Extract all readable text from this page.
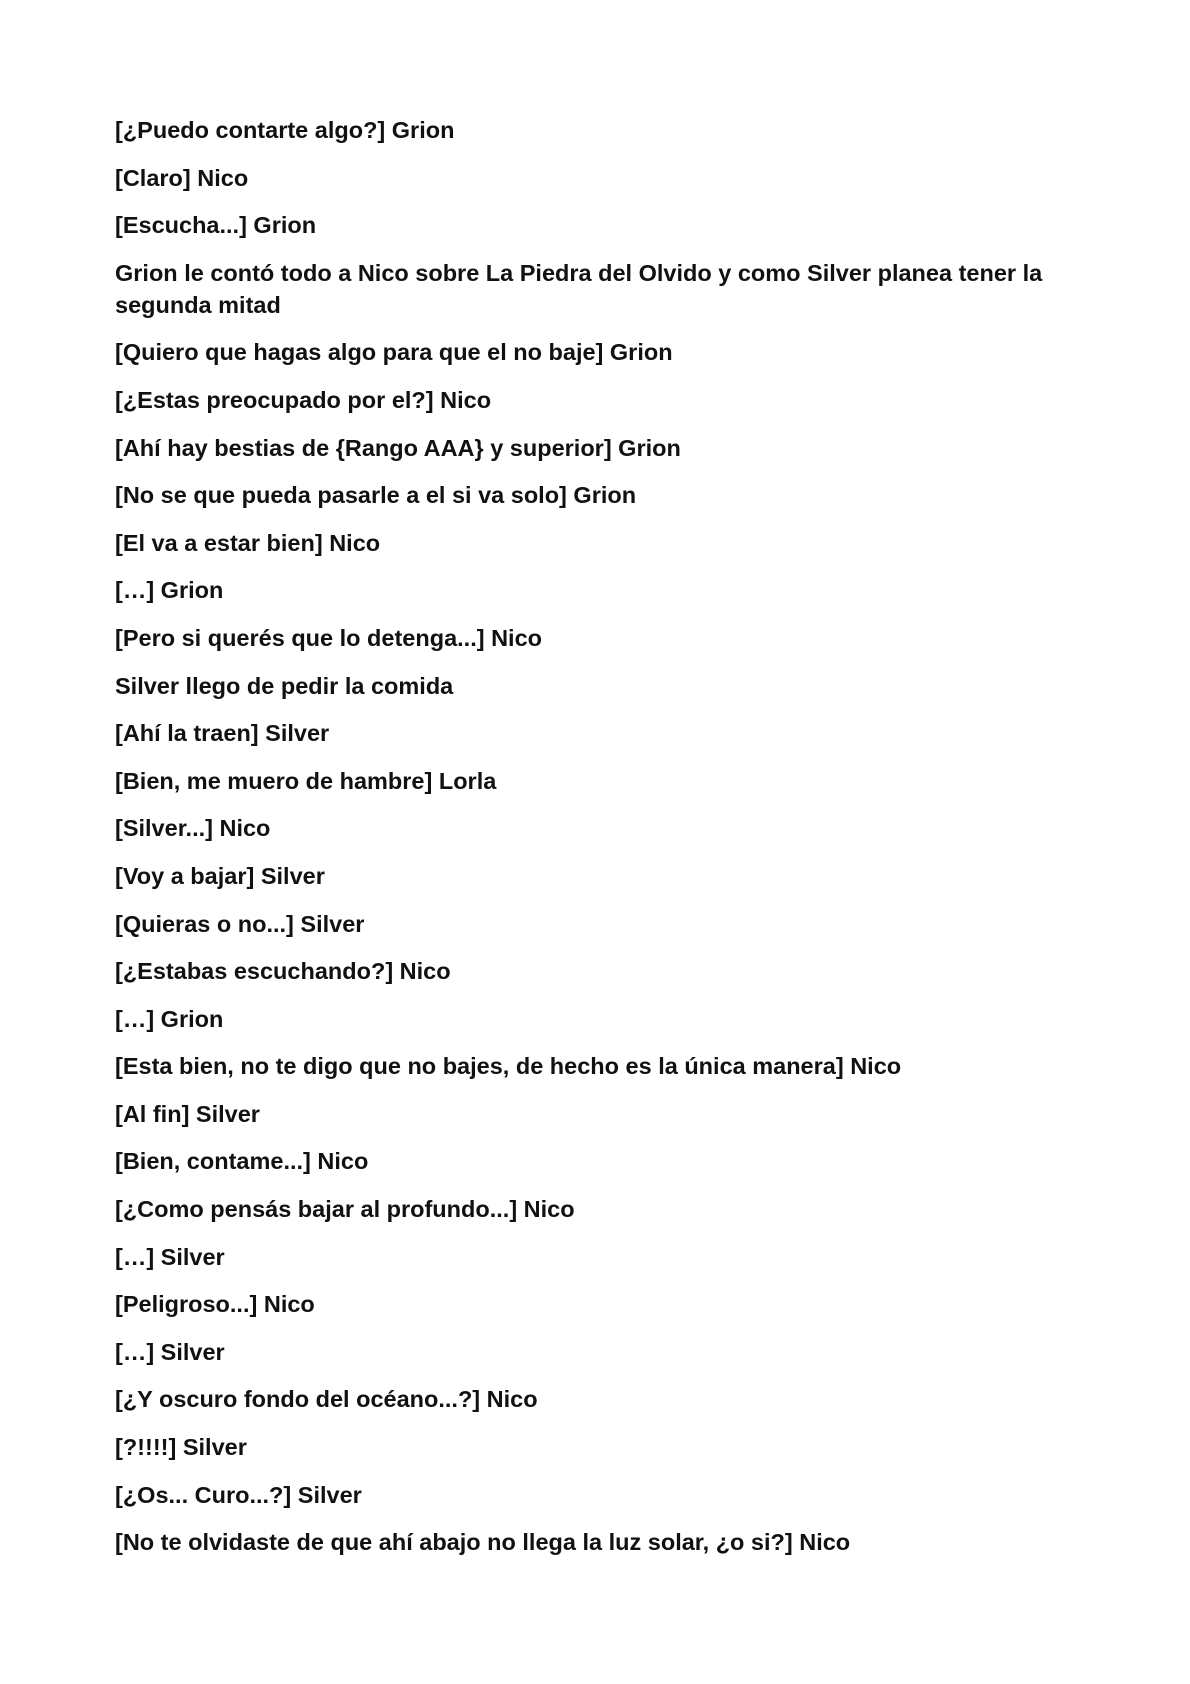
[¿Puedo contarte algo?] Grion

[Claro] Nico

[Escucha...] Grion

Grion le contó todo a Nico sobre La Piedra del Olvido y como Silver planea tener la segunda mitad

[Quiero que hagas algo para que el no baje] Grion

[¿Estas preocupado por el?] Nico

[Ahí hay bestias de {Rango AAA} y superior] Grion

[No se que pueda pasarle a el si va solo] Grion

[El va a estar bien] Nico

[…] Grion

[Pero si querés que lo detenga...] Nico

Silver llego de pedir la comida

[Ahí la traen] Silver

[Bien, me muero de hambre] Lorla

[Silver...] Nico

[Voy a bajar] Silver

[Quieras o no...] Silver

[¿Estabas escuchando?] Nico

[…] Grion

[Esta bien, no te digo que no bajes, de hecho es la única manera] Nico

[Al fin] Silver

[Bien, contame...] Nico

[¿Como pensás bajar al profundo...] Nico

[…] Silver

[Peligroso...] Nico

[…] Silver

[¿Y oscuro fondo del océano...?] Nico

[?!!!!] Silver

[¿Os... Curo...?] Silver

[No te olvidaste de que ahí abajo no llega la luz solar, ¿o si?] Nico
